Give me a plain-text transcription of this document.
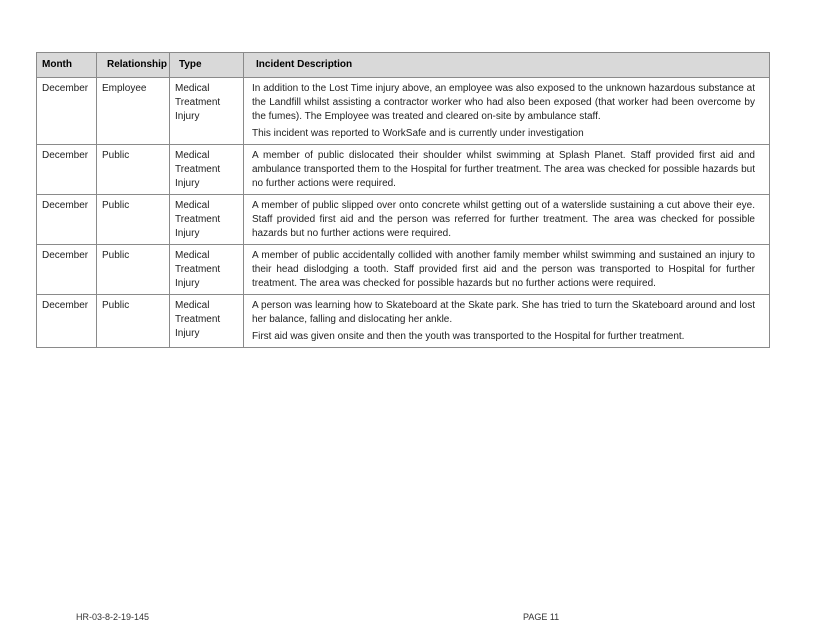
Month	Relationship	Type	Incident Description
December	Employee	Medical Treatment Injury	In addition to the Lost Time injury above, an employee was also exposed to the unknown hazardous substance at the Landfill whilst assisting a contractor worker who had also been exposed (that worker had been overcome by the fumes). The Employee was treated and cleared on-site by ambulance staff.

This incident was reported to WorkSafe and is currently under investigation

December	Public	Medical Treatment Injury	A member of public dislocated their shoulder whilst swimming at Splash Planet. Staff provided first aid and ambulance transported them to the Hospital for further treatment. The area was checked for possible hazards but no further actions were required.

December	Public	Medical Treatment Injury	A member of public slipped over onto concrete whilst getting out of a waterslide sustaining a cut above their eye. Staff provided first aid and the person was referred for further treatment. The area was checked for possible hazards but no further actions were required.

December	Public	Medical Treatment Injury	A member of public accidentally collided with another family member whilst swimming and sustained an injury to their head dislodging a tooth. Staff provided first aid and the person was transported to Hospital for further treatment. The area was checked for possible hazards but no further actions were required.

December	Public	Medical Treatment Injury	A person was learning how to Skateboard at the Skate park. She has tried to turn the Skateboard around and lost her balance, falling and dislocating her ankle.

First aid was given onsite and then the youth was transported to the Hospital for further treatment.

HR-03-8-2-19-145	PAGE 11
